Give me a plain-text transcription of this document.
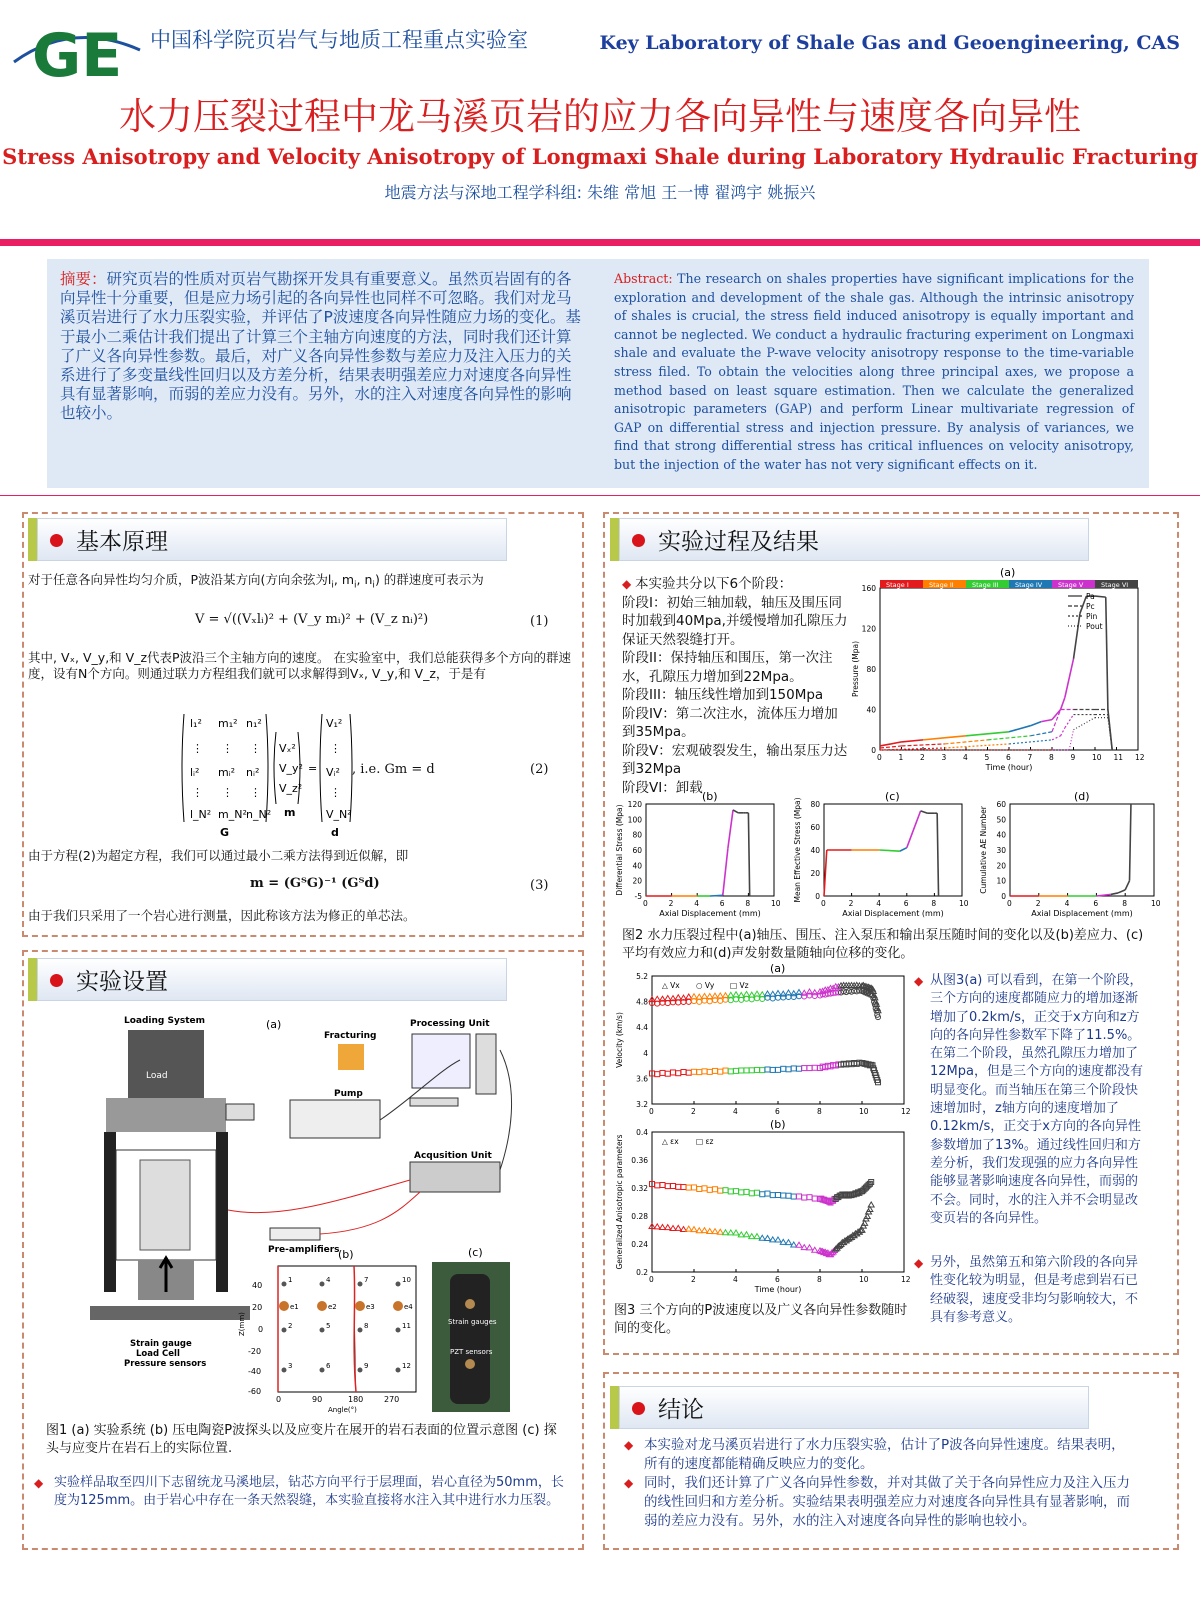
GE 中国科学院页岩气与地质工程重点实验室	Key Laboratory of Shale Gas and Geoengineering, CAS
水力压裂过程中龙马溪页岩的应力各向异性与速度各向异性
Stress Anisotropy and Velocity Anisotropy of Longmaxi Shale during Laboratory Hydraulic Fracturing
地震方法与深地工程学科组: 朱维 常旭 王一博 翟鸿宇 姚振兴
摘要：研究页岩的性质对页岩气勘探开发具有重要意义。虽然页岩固有的各向异性十分重要，但是应力场引起的各向异性也同样不可忽略。我们对龙马溪页岩进行了水力压裂实验，并评估了P波速度各向异性随应力场的变化。基于最小二乘估计我们提出了计算三个主轴方向速度的方法，同时我们还计算了广义各向异性参数。最后，对广义各向异性参数与差应力及注入压力的关系进行了多变量线性回归以及方差分析，结果表明强差应力对速度各向异性具有显著影响，而弱的差应力没有。另外，水的注入对速度各向异性的影响也较小。
Abstract: The research on shales properties have significant implications for the exploration and development of the shale gas. Although the intrinsic anisotropy of shales is crucial, the stress field induced anisotropy is equally important and cannot be neglected. We conduct a hydraulic fracturing experiment on Longmaxi shale and evaluate the P-wave velocity anisotropy response to the time-variable stress filed. To obtain the velocities along three principal axes, we propose a method based on least square estimation. Then we calculate the generalized anisotropic parameters (GAP) and perform Linear multivariate regression of GAP on differential stress and injection pressure. By analysis of variances, we find that strong differential stress has critical influences on velocity anisotropy, but the injection of the water has not very significant effects on it.
基本原理
对于任意各向异性均匀介质，P波沿某方向(方向余弦为$l_i$, $m_i$, $n_i$) 的群速度可表示为
V = √((Vₓlᵢ)² + (V_y mᵢ)² + (V_z nᵢ)²)	(1)
其中, Vₓ, V_y,和 V_z代表P波沿三个主轴方向的速度。 在实验室中，我们总能获得多个方向的群速度，设有N个方向。则通过联力方程组我们就可以求解得到Vₓ, V_y,和 V_z，于是有
l₁² m₁² n₁²
⋮ ⋮ ⋮
lᵢ² mᵢ² nᵢ²
⋮ ⋮ ⋮
l_N² m_N² n_N²
G
Vₓ²
V_y²
V_z²
m
=
V₁²
⋮
Vᵢ²
⋮
V_N²
d
, i.e. Gm = d	(2)
由于方程(2)为超定方程，我们可以通过最小二乘方法得到近似解，即
m = (GᵀG)⁻¹ (Gᵀd)	(3)
由于我们只采用了一个岩心进行测量，因此称该方法为修正的单芯法。
实验设置
Loading System	(a)
Load
Strain gauge
Load Cell
Pressure sensors
Fracturing
Pump
Processing Unit
Acqusition Unit
Pre-amplifiers
(b)
40
20
0
-20
-40
-60
0	90	180	270
Angle(°)
Z(mm)
1	4	7	10
e1	e2	e3	e4
2	5	8	11
3	6	9	12
(c)
Strain gauges
PZT sensors
图1 (a) 实验系统 (b) 压电陶瓷P波探头以及应变片在展开的岩石表面的位置示意图 (c) 探头与应变片在岩石上的实际位置.
◆ 实验样品取至四川下志留统龙马溪地层，钻芯方向平行于层理面，岩心直径为50mm，长度为125mm。由于岩心中存在一条天然裂缝，本实验直接将水注入其中进行水力压裂。
实验过程及结果
◆ 本实验共分以下6个阶段：
阶段I：初始三轴加载，轴压及围压同时加载到40Mpa,并缓慢增加孔隙压力保证天然裂缝打开。
阶段II：保持轴压和围压，第一次注水，孔隙压力增加到22Mpa。
阶段III：轴压线性增加到150Mpa
阶段IV：第二次注水，流体压力增加到35Mpa。
阶段V：宏观破裂发生，输出泵压力达到32Mpa
阶段VI：卸载
0 1 2 3 4 5 6 7 8 9 10 11 12
0
40
80
120
160
Time (hour)
Pressure (Mpa)
(a)
Stage I	Stage II	Stage III	Stage IV Stage V	Stage VI
Pa
Pc
Pin
Pout
(b)
0	2	4	6	8	10
120
100
80
60
40
20
-5
Axial Displacement (mm)
Differential Stress (Mpa)
(c)
0	2	4	6	8	10
80
60
40
20
0
Axial Displacement (mm)
Mean Effective Stress (Mpa)
(d)
0	2	4	6	8	10
60
50
40
30
20
10
0
Axial Displacement (mm)
Cumulative AE Number
图2 水力压裂过程中(a)轴压、围压、注入泵压和输出泵压随时间的变化以及(b)差应力、(c)平均有效应力和(d)声发射数量随轴向位移的变化。
(a)
0	2	4	6	8	10	12
5.2
4.8
4.4
4
3.6
3.2
Velocity (km/s)
△ Vx ○ Vy □ Vz
(b)
0	2	4	6	8	10	12
0.4
0.36
0.32
0.28
0.24
0.2
Time (hour)
Generalized Anisotropic parameters	△ εx □ εz
图3 三个方向的P波速度以及广义各向异性参数随时间的变化。
◆ 从图3(a) 可以看到，在第一个阶段，三个方向的速度都随应力的增加逐渐增加了0.2km/s，正交于x方向和z方向的各向异性参数军下降了11.5%。在第二个阶段，虽然孔隙压力增加了12Mpa，但是三个方向的速度都没有明显变化。而当轴压在第三个阶段快速增加时，z轴方向的速度增加了0.12km/s，正交于x方向的各向异性参数增加了13%。通过线性回归和方差分析，我们发现强的应力各向异性能够显著影响速度各向异性，而弱的不会。同时，水的注入并不会明显改变页岩的各向异性。
◆ 另外，虽然第五和第六阶段的各向异性变化较为明显，但是考虑到岩石已经破裂，速度受非均匀影响较大，不具有参考意义。
结论
◆ 本实验对龙马溪页岩进行了水力压裂实验，估计了P波各向异性速度。结果表明，所有的速度都能精确反映应力的变化。
◆ 同时，我们还计算了广义各向异性参数，并对其做了关于各向异性应力及注入压力的线性回归和方差分析。实验结果表明强差应力对速度各向异性具有显著影响，而弱的差应力没有。另外，水的注入对速度各向异性的影响也较小。
